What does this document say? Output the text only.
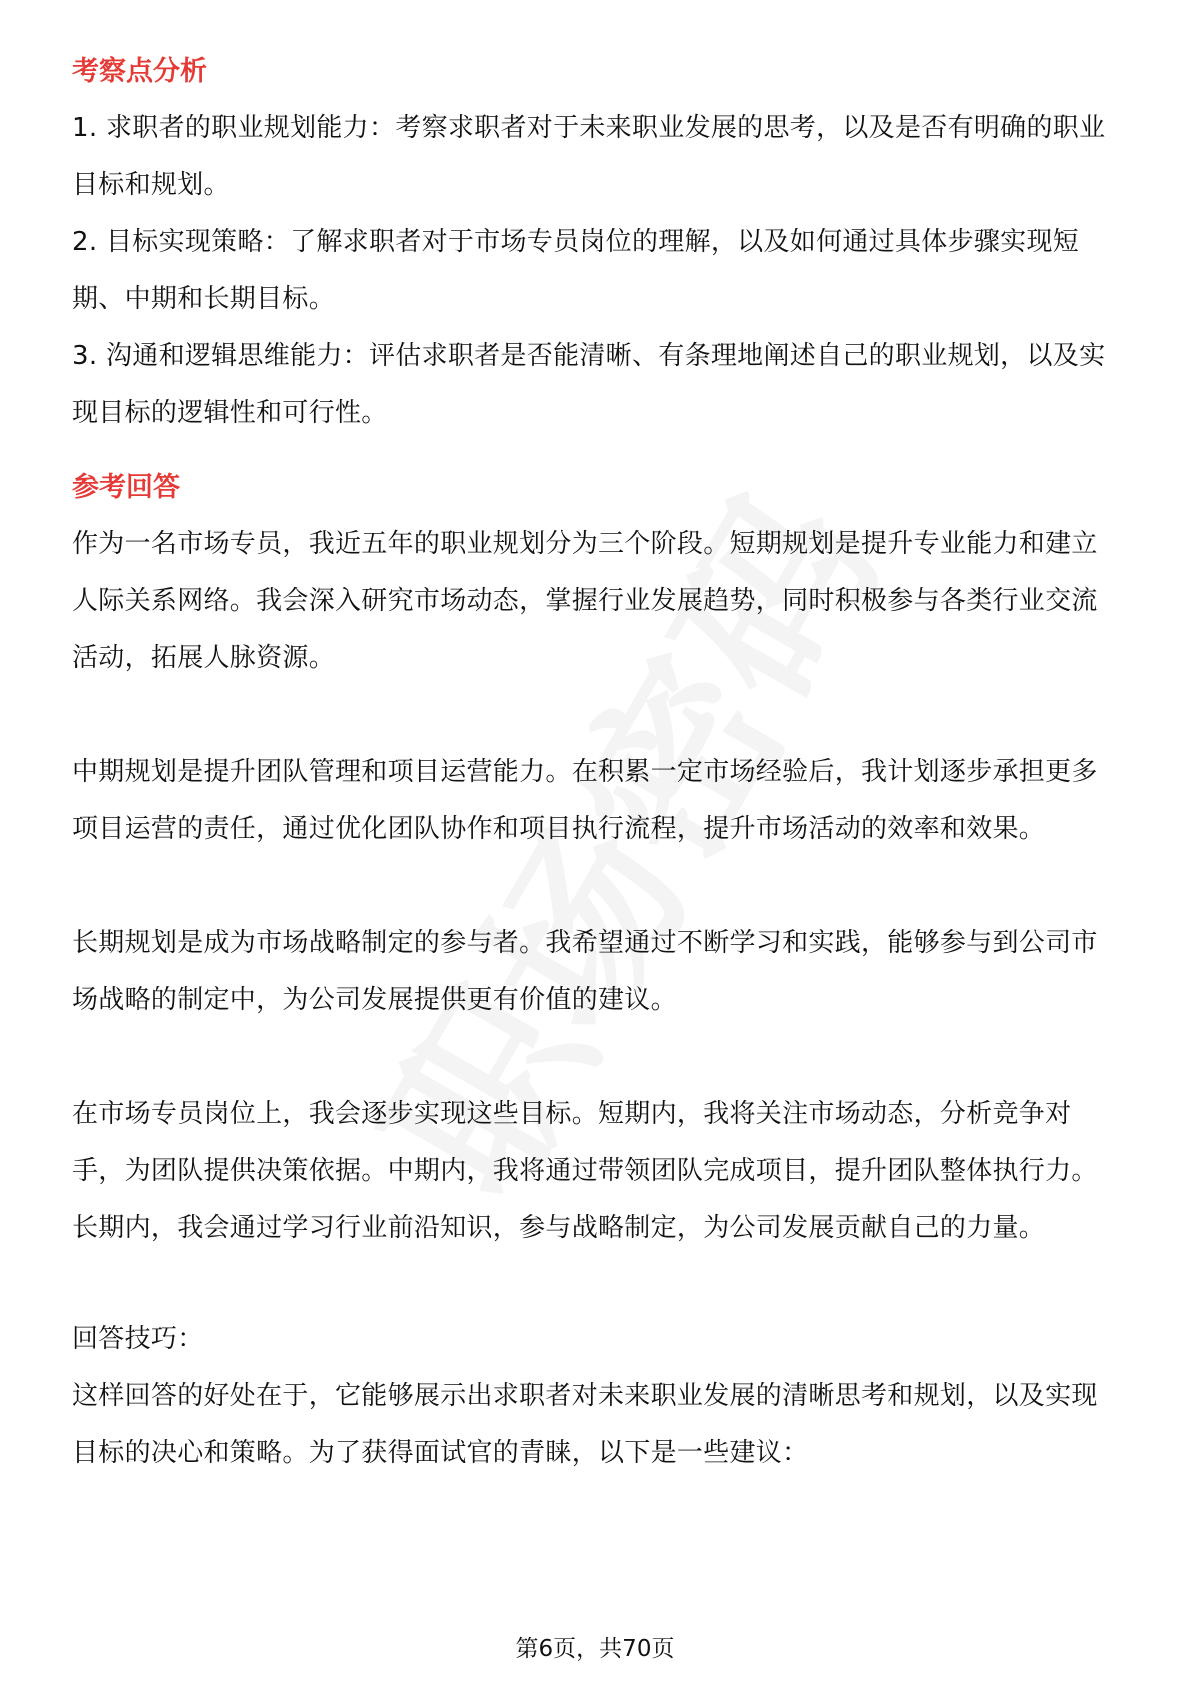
考察点分析

1. 求职者的职业规划能力：考察求职者对于未来职业发展的思考，以及是否有明确的职业目标和规划。

2. 目标实现策略：了解求职者对于市场专员岗位的理解，以及如何通过具体步骤实现短期、中期和长期目标。

3. 沟通和逻辑思维能力：评估求职者是否能清晰、有条理地阐述自己的职业规划，以及实现目标的逻辑性和可行性。

参考回答

作为一名市场专员，我近五年的职业规划分为三个阶段。短期规划是提升专业能力和建立人际关系网络。我会深入研究市场动态，掌握行业发展趋势，同时积极参与各类行业交流活动，拓展人脉资源。

中期规划是提升团队管理和项目运营能力。在积累一定市场经验后，我计划逐步承担更多项目运营的责任，通过优化团队协作和项目执行流程，提升市场活动的效率和效果。

长期规划是成为市场战略制定的参与者。我希望通过不断学习和实践，能够参与到公司市场战略的制定中，为公司发展提供更有价值的建议。

在市场专员岗位上，我会逐步实现这些目标。短期内，我将关注市场动态，分析竞争对手，为团队提供决策依据。中期内，我将通过带领团队完成项目，提升团队整体执行力。长期内，我会通过学习行业前沿知识，参与战略制定，为公司发展贡献自己的力量。

回答技巧：

这样回答的好处在于，它能够展示出求职者对未来职业发展的清晰思考和规划，以及实现目标的决心和策略。为了获得面试官的青睐，以下是一些建议：

第6页，共70页
